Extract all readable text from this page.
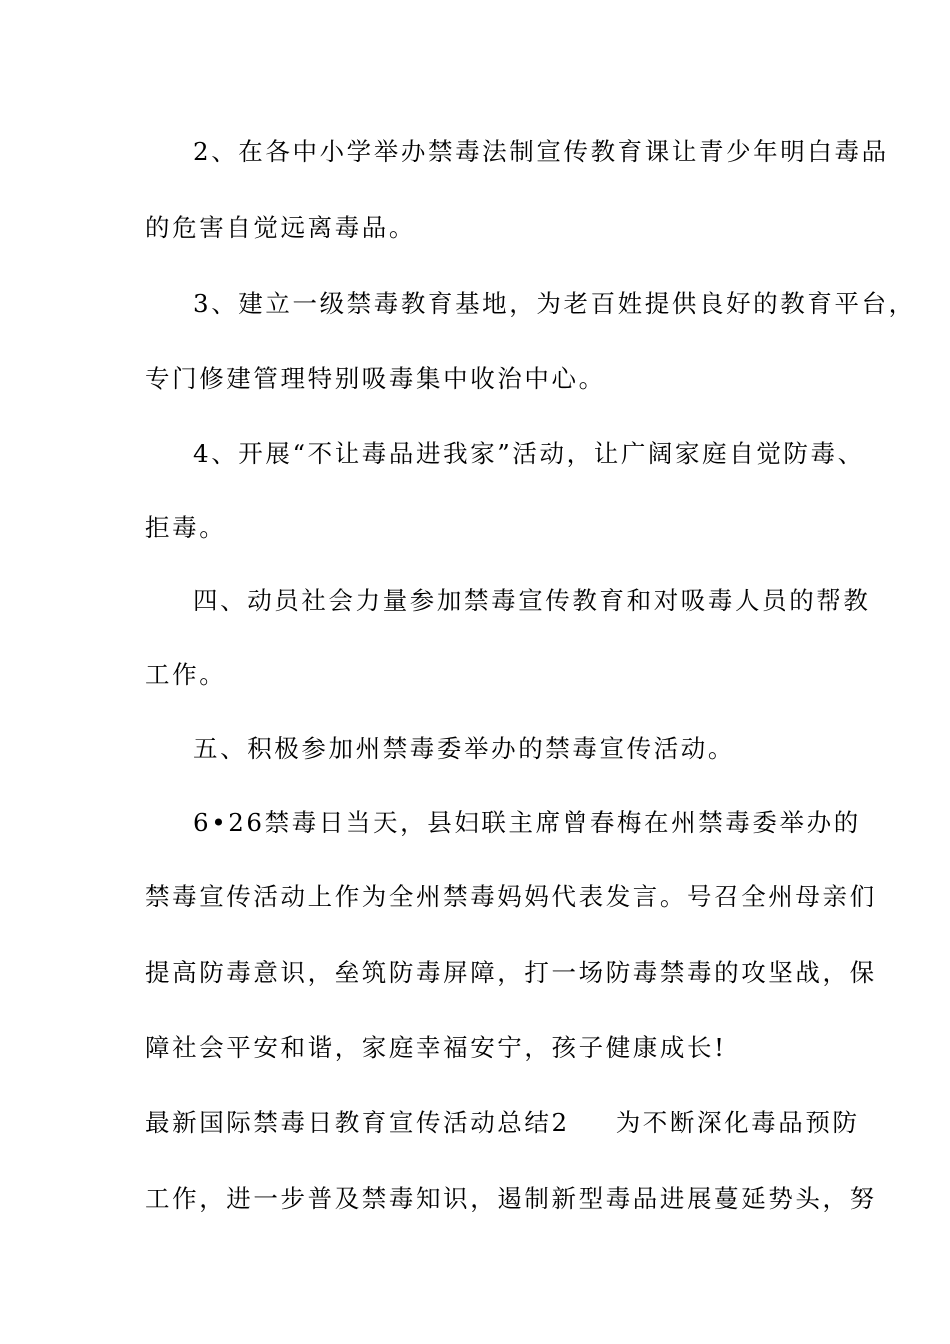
2、在各中小学举办禁毒法制宣传教育课让青少年明白毒品
的危害自觉远离毒品。
3、建立一级禁毒教育基地，为老百姓提供良好的教育平台，
专门修建管理特别吸毒集中收治中心。
4、开展“不让毒品进我家”活动，让广阔家庭自觉防毒、
拒毒。
四、动员社会力量参加禁毒宣传教育和对吸毒人员的帮教
工作。
五、积极参加州禁毒委举办的禁毒宣传活动。
6•26禁毒日当天，县妇联主席曾春梅在州禁毒委举办的
禁毒宣传活动上作为全州禁毒妈妈代表发言。号召全州母亲们
提高防毒意识，垒筑防毒屏障，打一场防毒禁毒的攻坚战，保
障社会平安和谐，家庭幸福安宁，孩子健康成长!
最新国际禁毒日教育宣传活动总结2 为不断深化毒品预防
工作，进一步普及禁毒知识，遏制新型毒品进展蔓延势头，努
